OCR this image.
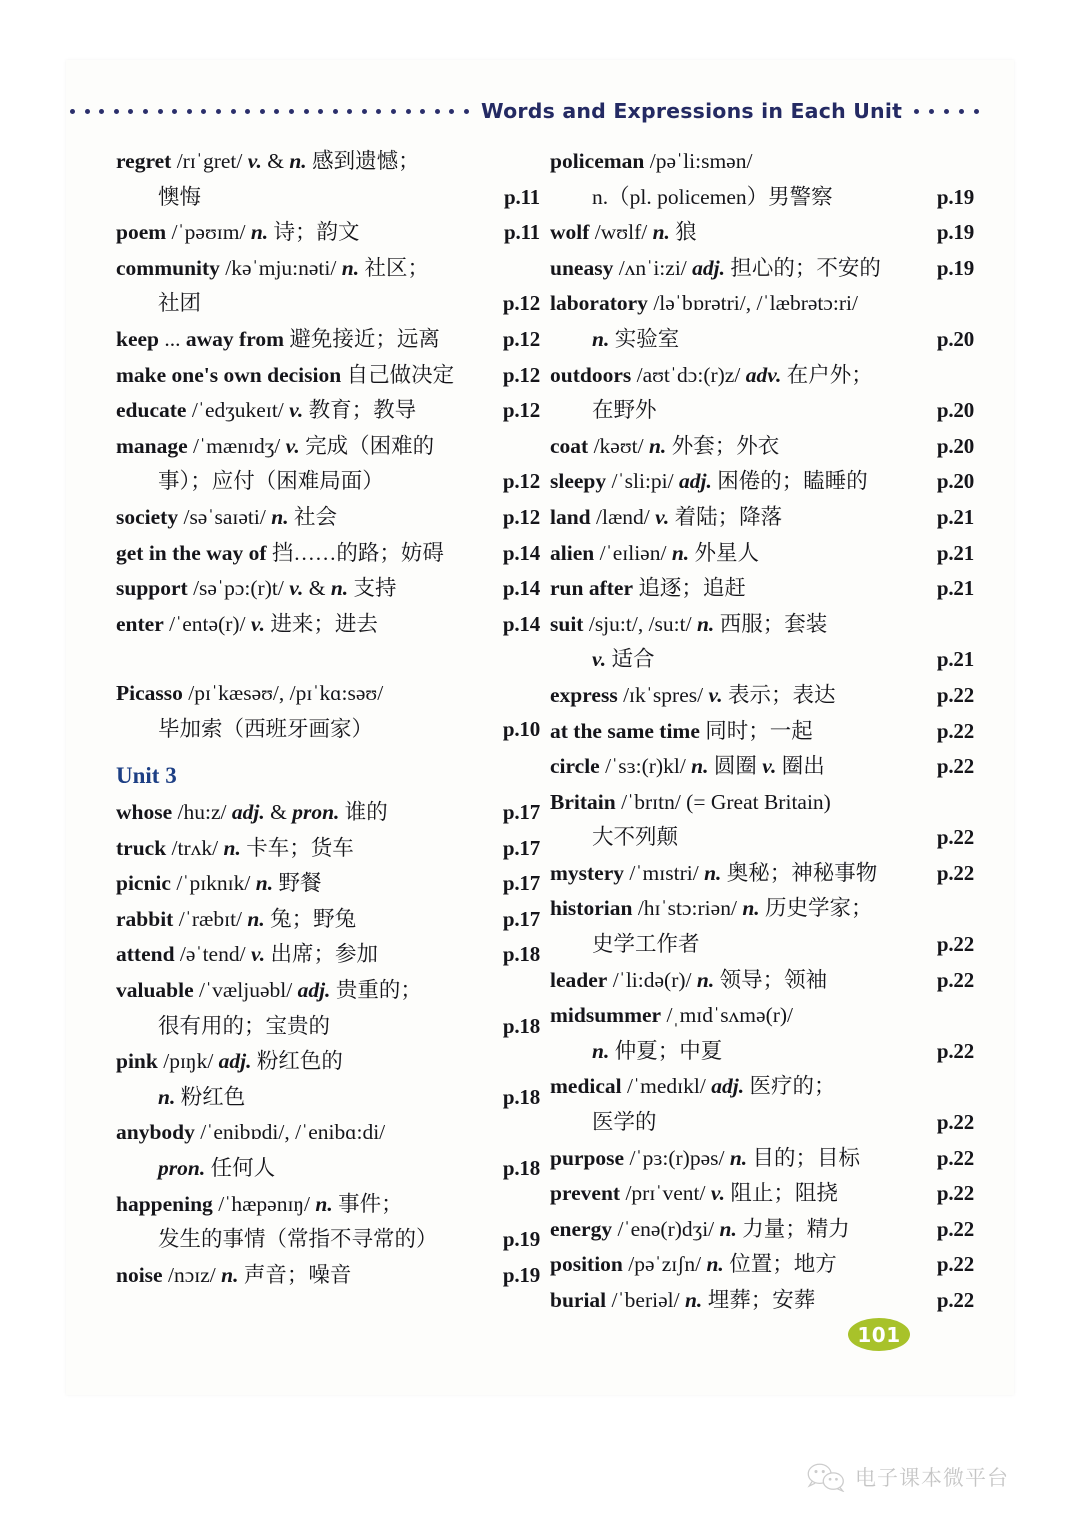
Words and Expressions in Each Unit
regret /rɪˈgret/ v. & n. 感到遗憾；
懊悔	p.11
poem /ˈpəʊɪm/ n. 诗；韵文	p.11
community /kəˈmju:nəti/ n. 社区；
社团	p.12
keep ... away from 避免接近；远离	p.12
make one's own decision 自己做决定	p.12
educate /ˈedʒukeɪt/ v. 教育；教导	p.12
manage /ˈmænɪdʒ/ v. 完成（困难的
事）；应付（困难局面）	p.12
society /səˈsaɪəti/ n. 社会	p.12
get in the way of 挡……的路；妨碍	p.14
support /səˈpɔ:(r)t/ v. & n. 支持	p.14
enter /ˈentə(r)/ v. 进来；进去	p.14
Picasso /pɪˈkæsəʊ/, /pɪˈkɑ:səʊ/
毕加索（西班牙画家）	p.10
Unit 3
whose /hu:z/ adj. & pron. 谁的	p.17
truck /trʌk/ n. 卡车；货车	p.17
picnic /ˈpɪknɪk/ n. 野餐	p.17
rabbit /ˈræbɪt/ n. 兔；野兔	p.17
attend /əˈtend/ v. 出席；参加	p.18
valuable /ˈvæljuəbl/ adj. 贵重的；
很有用的；宝贵的	p.18
pink /pɪŋk/ adj. 粉红色的
n. 粉红色	p.18
anybody /ˈenibɒdi/, /ˈenibɑ:di/
pron. 任何人	p.18
happening /ˈhæpənɪŋ/ n. 事件；
发生的事情（常指不寻常的）	p.19
noise /nɔɪz/ n. 声音；噪音	p.19
policeman /pəˈli:smən/
n.（pl. policemen）男警察	p.19
wolf /wʊlf/ n. 狼	p.19
uneasy /ʌnˈi:zi/ adj. 担心的；不安的	p.19
laboratory /ləˈbɒrətri/, /ˈlæbrətɔ:ri/
n. 实验室	p.20
outdoors /aʊtˈdɔ:(r)z/ adv. 在户外；
在野外	p.20
coat /kəʊt/ n. 外套；外衣	p.20
sleepy /ˈsli:pi/ adj. 困倦的；瞌睡的	p.20
land /lænd/ v. 着陆；降落	p.21
alien /ˈeɪliən/ n. 外星人	p.21
run after 追逐；追赶	p.21
suit /sju:t/, /su:t/ n. 西服；套装
v. 适合	p.21
express /ɪkˈspres/ v. 表示；表达	p.22
at the same time 同时；一起	p.22
circle /ˈsɜ:(r)kl/ n. 圆圈 v. 圈出	p.22
Britain /ˈbrɪtn/ (= Great Britain)
大不列颠	p.22
mystery /ˈmɪstri/ n. 奥秘；神秘事物	p.22
historian /hɪˈstɔ:riən/ n. 历史学家；
史学工作者	p.22
leader /ˈli:də(r)/ n. 领导；领袖	p.22
midsummer /ˌmɪdˈsʌmə(r)/
n. 仲夏；中夏	p.22
medical /ˈmedɪkl/ adj. 医疗的；
医学的	p.22
purpose /ˈpɜ:(r)pəs/ n. 目的；目标	p.22
prevent /prɪˈvent/ v. 阻止；阻挠	p.22
energy /ˈenə(r)dʒi/ n. 力量；精力	p.22
position /pəˈzɪʃn/ n. 位置；地方	p.22
burial /ˈberiəl/ n. 埋葬；安葬	p.22
101
电子课本微平台
